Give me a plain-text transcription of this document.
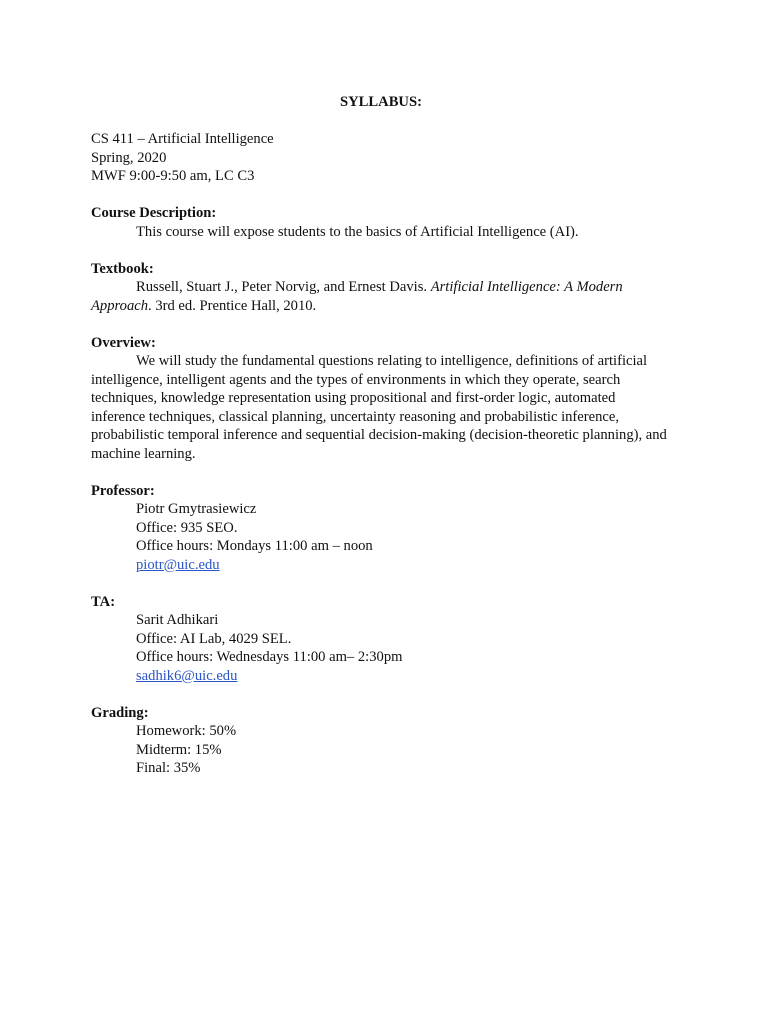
SYLLABUS:
CS 411 – Artificial Intelligence
Spring, 2020
MWF 9:00-9:50 am, LC C3
Course Description:
This course will expose students to the basics of Artificial Intelligence (AI).
Textbook:
Russell, Stuart J., Peter Norvig, and Ernest Davis. Artificial Intelligence: A Modern
Approach. 3rd ed. Prentice Hall, 2010.
Overview:
We will study the fundamental questions relating to intelligence, definitions of artificial intelligence, intelligent agents and the types of environments in which they operate, search techniques, knowledge representation using propositional and first-order logic, automated inference techniques, classical planning, uncertainty reasoning and probabilistic inference, probabilistic temporal inference and sequential decision-making (decision-theoretic planning), and machine learning.
Professor:
Piotr Gmytrasiewicz
Office: 935 SEO.
Office hours: Mondays 11:00 am – noon
piotr@uic.edu
TA:
Sarit Adhikari
Office: AI Lab, 4029 SEL.
Office hours: Wednesdays 11:00 am– 2:30pm
sadhik6@uic.edu
Grading:
Homework: 50%
Midterm: 15%
Final: 35%
